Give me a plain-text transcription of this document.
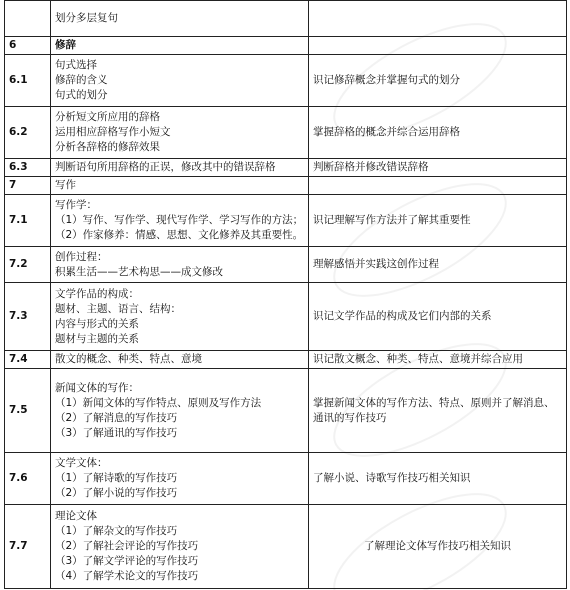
	划分多层复句	

6	修辞	

6.1	句式选择
修辞的含义
句式的划分	识记修辞概念并掌握句式的划分
6.2	分析短文所应用的辞格
运用相应辞格写作小短文
分析各辞格的修辞效果	掌握辞格的概念并综合运用辞格
6.3	判断语句所用辞格的正误，修改其中的错误辞格	判断辞格并修改错误辞格
7	写作	

7.1	写作学：
（1）写作、写作学、现代写作学、学习写作的方法；
（2）作家修养：情感、思想、文化修养及其重要性。	识记理解写作方法并了解其重要性
7.2	创作过程：
积累生活——艺术构思——成文修改	理解感悟并实践这创作过程
7.3	文学作品的构成：
题材、主题、语言、结构：
内容与形式的关系
题材与主题的关系	识记文学作品的构成及它们内部的关系
7.4	散文的概念、种类、特点、意境	识记散文概念、种类、特点、意境并综合应用
7.5	新闻文体的写作：
（1）新闻文体的写作特点、原则及写作方法
（2）了解消息的写作技巧
（3）了解通讯的写作技巧	掌握新闻文体的写作方法、特点、原则并了解消息、通讯的写作技巧
7.6	文学文体：
（1）了解诗歌的写作技巧
（2）了解小说的写作技巧	了解小说、诗歌写作技巧相关知识
7.7	理论文体
（1）了解杂文的写作技巧
（2）了解社会评论的写作技巧
（3）了解文学评论的写作技巧
（4）了解学术论文的写作技巧	了解理论文体写作技巧相关知识
